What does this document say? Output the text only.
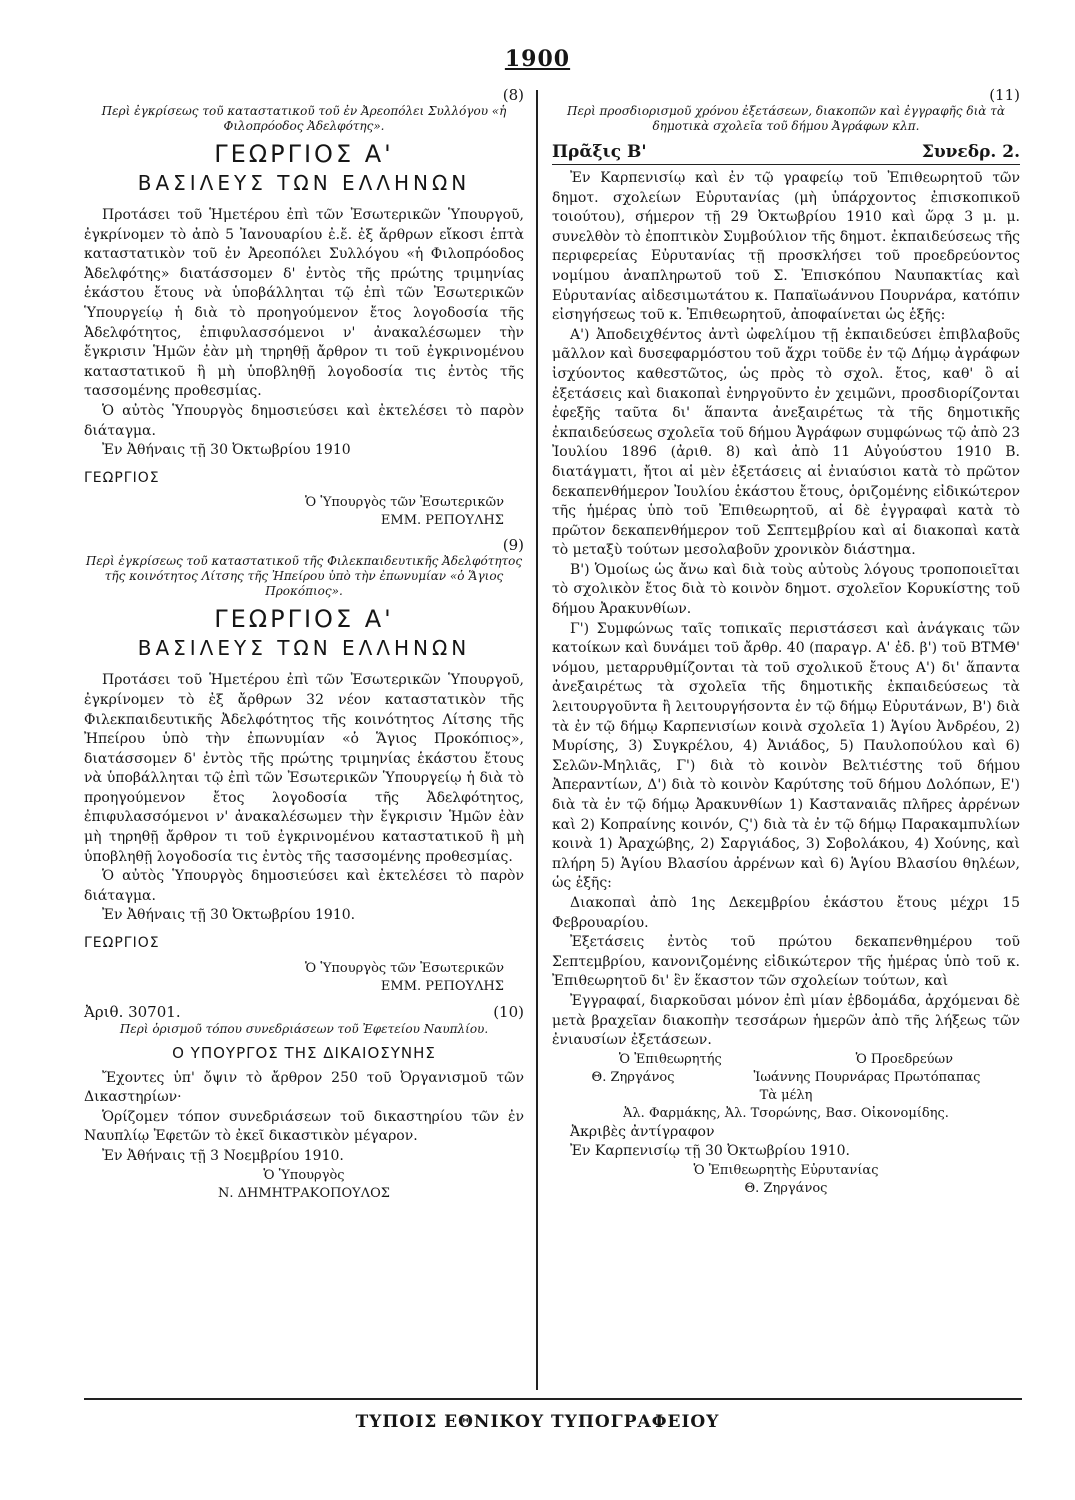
1900
(8)
Περὶ ἐγκρίσεως τοῦ καταστατικοῦ τοῦ ἐν Ἀρεοπόλει Συλλόγου «ἡ Φιλοπρόοδος Ἀδελφότης».
ΓΕΩΡΓΙΟΣ Α'
ΒΑΣΙΛΕΥΣ ΤΩΝ ΕΛΛΗΝΩΝ

Προτάσει τοῦ Ἡμετέρου ἐπὶ τῶν Ἐσωτερικῶν Ὑπουργοῦ, ἐγκρίνομεν τὸ ἀπὸ 5 Ἰανουαρίου ἐ.ἔ. ἐξ ἄρθρων εἴκοσι ἑπτὰ καταστατικὸν τοῦ ἐν Ἀρεοπόλει Συλλόγου «ἡ Φιλοπρόοδος Ἀδελφότης» διατάσσομεν δ' ἐντὸς τῆς πρώτης τριμηνίας ἑκάστου ἔτους νὰ ὑποβάλληται τῷ ἐπὶ τῶν Ἐσωτερικῶν Ὑπουργείῳ ἡ διὰ τὸ προηγούμενον ἔτος λογοδοσία τῆς Ἀδελφότητος, ἐπιφυλασσόμενοι ν' ἀνακαλέσωμεν τὴν ἔγκρισιν Ἡμῶν ἐὰν μὴ τηρηθῇ ἄρθρον τι τοῦ ἐγκρινομένου καταστατικοῦ ἢ μὴ ὑποβληθῇ λογοδοσία τις ἐντὸς τῆς τασσομένης προθεσμίας.

Ὁ αὐτὸς Ὑπουργὸς δημοσιεύσει καὶ ἐκτελέσει τὸ παρὸν διάταγμα.

Ἐν Ἀθήναις τῇ 30 Ὀκτωβρίου 1910

ΓΕΩΡΓΙΟΣ
Ὁ Ὑπουργὸς τῶν Ἐσωτερικῶν
ΕΜΜ. ΡΕΠΟΥΛΗΣ
(9)
Περὶ ἐγκρίσεως τοῦ καταστατικοῦ τῆς Φιλεκπαιδευτικῆς Ἀδελφότητος τῆς κοινότητος Λίτσης τῆς Ἠπείρου ὑπὸ τὴν ἐπωνυμίαν «ὁ Ἅγιος Προκόπιος».
ΓΕΩΡΓΙΟΣ Α'
ΒΑΣΙΛΕΥΣ ΤΩΝ ΕΛΛΗΝΩΝ

Προτάσει τοῦ Ἡμετέρου ἐπὶ τῶν Ἐσωτερικῶν Ὑπουργοῦ, ἐγκρίνομεν τὸ ἐξ ἄρθρων 32 νέον καταστατικὸν τῆς Φιλεκπαιδευτικῆς Ἀδελφότητος τῆς κοινότητος Λίτσης τῆς Ἠπείρου ὑπὸ τὴν ἐπωνυμίαν «ὁ Ἅγιος Προκόπιος», διατάσσομεν δ' ἐντὸς τῆς πρώτης τριμηνίας ἑκάστου ἔτους νὰ ὑποβάλληται τῷ ἐπὶ τῶν Ἐσωτερικῶν Ὑπουργείῳ ἡ διὰ τὸ προηγούμενον ἔτος λογοδοσία τῆς Ἀδελφότητος, ἐπιφυλασσόμενοι ν' ἀνακαλέσωμεν τὴν ἔγκρισιν Ἡμῶν ἐὰν μὴ τηρηθῇ ἄρθρον τι τοῦ ἐγκρινομένου καταστατικοῦ ἢ μὴ ὑποβληθῇ λογοδοσία τις ἐντὸς τῆς τασσομένης προθεσμίας.

Ὁ αὐτὸς Ὑπουργὸς δημοσιεύσει καὶ ἐκτελέσει τὸ παρὸν διάταγμα.

Ἐν Ἀθήναις τῇ 30 Ὀκτωβρίου 1910.

ΓΕΩΡΓΙΟΣ
Ὁ Ὑπουργὸς τῶν Ἐσωτερικῶν
ΕΜΜ. ΡΕΠΟΥΛΗΣ
Ἀριθ. 30701.	(10)
Περὶ ὁρισμοῦ τόπου συνεδριάσεων τοῦ Ἐφετείου Ναυπλίου.
Ο ΥΠΟΥΡΓΟΣ ΤΗΣ ΔΙΚΑΙΟΣΥΝΗΣ

Ἔχοντες ὑπ' ὄψιν τὸ ἄρθρον 250 τοῦ Ὀργανισμοῦ τῶν Δικαστηρίων·

Ὁρίζομεν τόπον συνεδριάσεων τοῦ δικαστηρίου τῶν ἐν Ναυπλίῳ Ἐφετῶν τὸ ἐκεῖ δικαστικὸν μέγαρον.

Ἐν Ἀθήναις τῇ 3 Νοεμβρίου 1910.

Ὁ Ὑπουργὸς
Ν. ΔΗΜΗΤΡΑΚΟΠΟΥΛΟΣ
(11)
Περὶ προσδιορισμοῦ χρόνου ἐξετάσεων, διακοπῶν καὶ ἐγγραφῆς διὰ τὰ δημοτικὰ σχολεῖα τοῦ δήμου Ἀγράφων κλπ.
Πρᾶξις Β'	Συνεδρ. 2.

Ἐν Καρπενισίῳ καὶ ἐν τῷ γραφείῳ τοῦ Ἐπιθεωρητοῦ τῶν δημοτ. σχολείων Εὐρυτανίας (μὴ ὑπάρχοντος ἐπισκοπικοῦ τοιούτου), σήμερον τῇ 29 Ὀκτωβρίου 1910 καὶ ὥρᾳ 3 μ. μ. συνελθὸν τὸ ἐποπτικὸν Συμβούλιον τῆς δημοτ. ἐκπαιδεύσεως τῆς περιφερείας Εὐρυτανίας τῇ προσκλήσει τοῦ προεδρεύοντος νομίμου ἀναπληρωτοῦ τοῦ Σ. Ἐπισκόπου Ναυπακτίας καὶ Εὐρυτανίας αἰδεσιμωτάτου κ. Παπαϊωάννου Πουρνάρα, κατόπιν εἰσηγήσεως τοῦ κ. Ἐπιθεωρητοῦ, ἀποφαίνεται ὡς ἑξῆς:

Α') Ἀποδειχθέντος ἀντὶ ὠφελίμου τῇ ἐκπαιδεύσει ἐπιβλαβοῦς μᾶλλον καὶ δυσεφαρμόστου τοῦ ἄχρι τοῦδε ἐν τῷ Δήμῳ ἀγράφων ἰσχύοντος καθεστῶτος, ὡς πρὸς τὸ σχολ. ἔτος, καθ' ὃ αἱ ἐξετάσεις καὶ διακοπαὶ ἐνηργοῦντο ἐν χειμῶνι, προσδιορίζονται ἐφεξῆς ταῦτα δι' ἅπαντα ἀνεξαιρέτως τὰ τῆς δημοτικῆς ἐκπαιδεύσεως σχολεῖα τοῦ δήμου Ἀγράφων συμφώνως τῷ ἀπὸ 23 Ἰουλίου 1896 (ἀριθ. 8) καὶ ἀπὸ 11 Αὐγούστου 1910 Β. διατάγματι, ἤτοι αἱ μὲν ἐξετάσεις αἱ ἐνιαύσιοι κατὰ τὸ πρῶτον δεκαπενθήμερον Ἰουλίου ἑκάστου ἔτους, ὁριζομένης εἰδικώτερον τῆς ἡμέρας ὑπὸ τοῦ Ἐπιθεωρητοῦ, αἱ δὲ ἐγγραφαὶ κατὰ τὸ πρῶτον δεκαπενθήμερον τοῦ Σεπτεμβρίου καὶ αἱ διακοπαὶ κατὰ τὸ μεταξὺ τούτων μεσολαβοῦν χρονικὸν διάστημα.

Β') Ὁμοίως ὡς ἄνω καὶ διὰ τοὺς αὐτοὺς λόγους τροποποιεῖται τὸ σχολικὸν ἔτος διὰ τὸ κοινὸν δημοτ. σχολεῖον Κορυκίστης τοῦ δήμου Ἀρακυνθίων.

Γ') Συμφώνως ταῖς τοπικαῖς περιστάσεσι καὶ ἀνάγκαις τῶν κατοίκων καὶ δυνάμει τοῦ ἄρθρ. 40 (παραγρ. Α' ἐδ. β') τοῦ ΒΤΜΘ' νόμου, μεταρρυθμίζονται τὰ τοῦ σχολικοῦ ἔτους Α') δι' ἅπαντα ἀνεξαιρέτως τὰ σχολεῖα τῆς δημοτικῆς ἐκπαιδεύσεως τὰ λειτουργοῦντα ἢ λειτουργήσοντα ἐν τῷ δήμῳ Εὐρυτάνων, Β') διὰ τὰ ἐν τῷ δήμῳ Καρπενισίων κοινὰ σχολεῖα 1) Ἁγίου Ἀνδρέου, 2) Μυρίσης, 3) Συγκρέλου, 4) Ἀνιάδος, 5) Παυλοπούλου καὶ 6) Σελῶν-Μηλιᾶς, Γ') διὰ τὸ κοινὸν Βελτιέστης τοῦ δήμου Ἀπεραντίων, Δ') διὰ τὸ κοινὸν Καρύτσης τοῦ δήμου Δολόπων, Ε') διὰ τὰ ἐν τῷ δήμῳ Ἀρακυνθίων 1) Κασταναιᾶς πλῆρες ἀρρένων καὶ 2) Κοπραίνης κοινόν, Ϛ') διὰ τὰ ἐν τῷ δήμῳ Παρακαμπυλίων κοινὰ 1) Ἀραχώβης, 2) Σαργιάδος, 3) Σοβολάκου, 4) Χούνης, καὶ πλήρη 5) Ἁγίου Βλασίου ἀρρένων καὶ 6) Ἁγίου Βλασίου θηλέων, ὡς ἑξῆς:

Διακοπαὶ ἀπὸ 1ης Δεκεμβρίου ἑκάστου ἔτους μέχρι 15 Φεβρουαρίου.

Ἐξετάσεις ἐντὸς τοῦ πρώτου δεκαπενθημέρου τοῦ Σεπτεμβρίου, κανονιζομένης εἰδικώτερον τῆς ἡμέρας ὑπὸ τοῦ κ. Ἐπιθεωρητοῦ δι' ἓν ἕκαστον τῶν σχολείων τούτων, καὶ

Ἐγγραφαί, διαρκοῦσαι μόνον ἐπὶ μίαν ἑβδομάδα, ἀρχόμεναι δὲ μετὰ βραχεῖαν διακοπὴν τεσσάρων ἡμερῶν ἀπὸ τῆς λήξεως τῶν ἐνιαυσίων ἐξετάσεων.

Ὁ Ἐπιθεωρητής	Ὁ Προεδρεύων
Θ. Ζηργάνος	Ἰωάννης Πουρνάρας Πρωτόπαπας
Τὰ μέλη
Ἀλ. Φαρμάκης, Ἀλ. Τσορώνης, Βασ. Οἰκονομίδης.

Ἀκριβὲς ἀντίγραφον

Ἐν Καρπενισίῳ τῇ 30 Ὀκτωβρίου 1910.

Ὁ Ἐπιθεωρητὴς Εὐρυτανίας
Θ. Ζηργάνος
ΤΥΠΟΙΣ ΕΘΝΙΚΟΥ ΤΥΠΟΓΡΑΦΕΙΟΥ
